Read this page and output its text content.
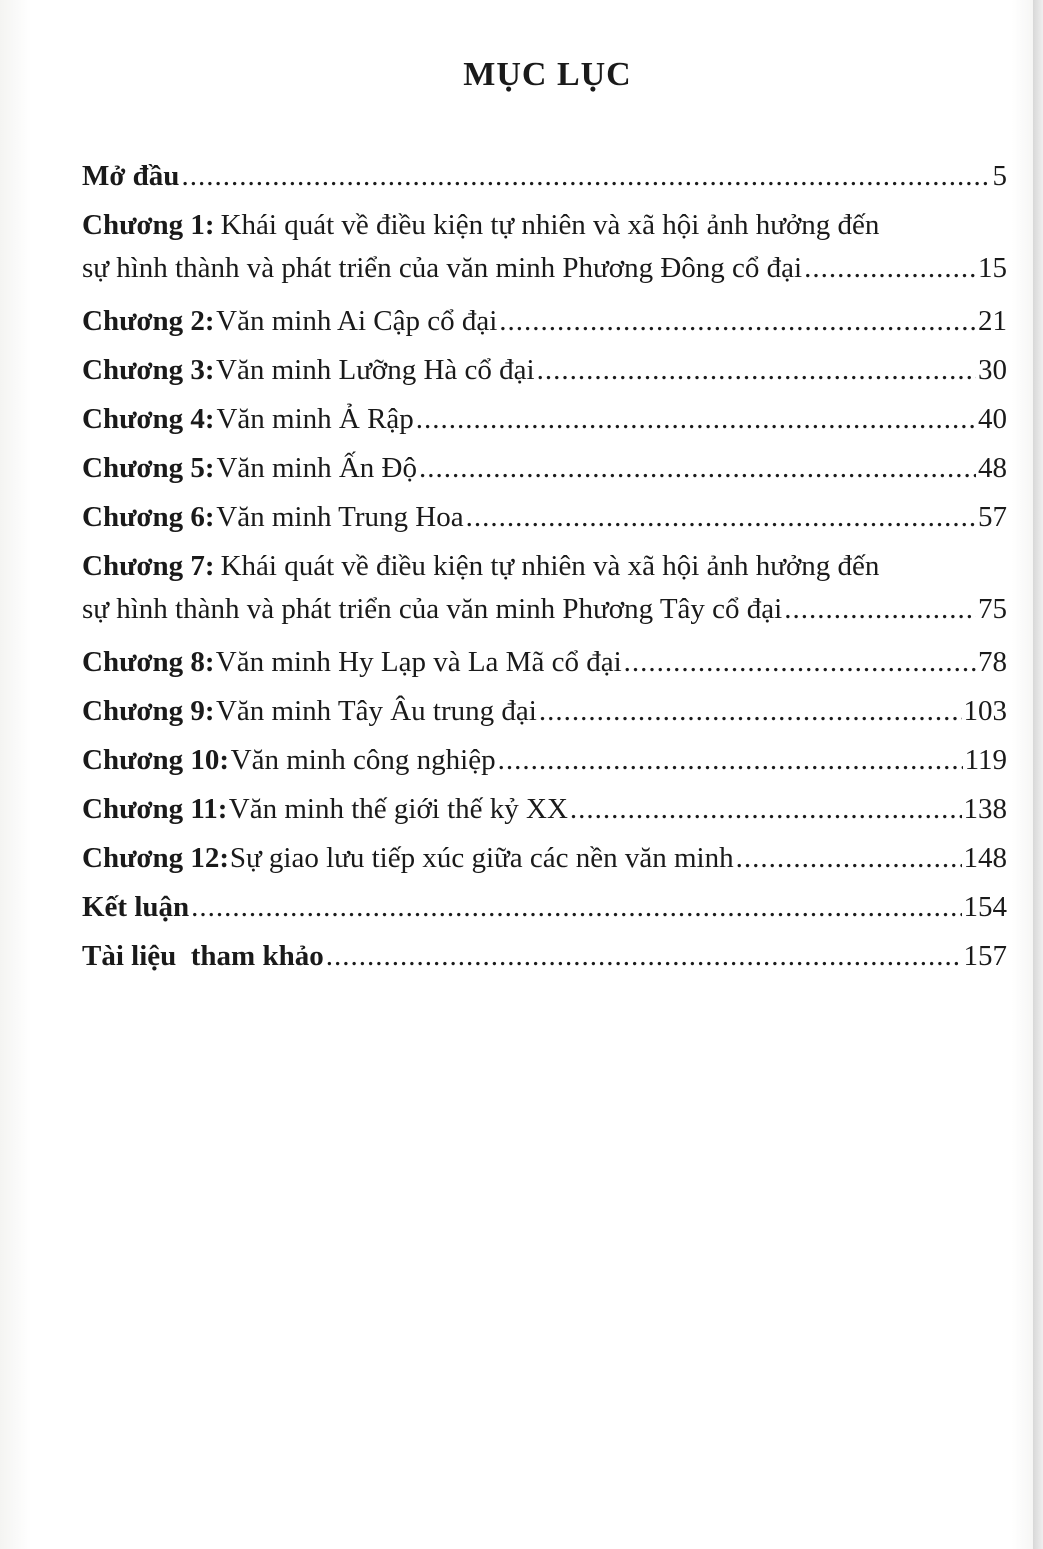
MỤC LỤC
Mở đầu .....	5
Chương 1: Khái quát về điều kiện tự nhiên và xã hội ảnh hưởng đến
sự hình thành và phát triển của văn minh Phương Đông cổ đại .....	15
Chương 2: Văn minh Ai Cập cổ đại .....	21
Chương 3: Văn minh Lưỡng Hà cổ đại .....	30
Chương 4: Văn minh Ả Rập .....	40
Chương 5: Văn minh Ấn Độ .....	48
Chương 6: Văn minh Trung Hoa .....	57
Chương 7: Khái quát về điều kiện tự nhiên và xã hội ảnh hưởng đến
sự hình thành và phát triển của văn minh Phương Tây cổ đại .....	75
Chương 8: Văn minh Hy Lạp và La Mã cổ đại .....	78
Chương 9: Văn minh Tây Âu trung đại .....	103
Chương 10: Văn minh công nghiệp .....	119
Chương 11: Văn minh thế giới thế kỷ XX .....	138
Chương 12: Sự giao lưu tiếp xúc giữa các nền văn minh .....	148
Kết luận .....	154
Tài liệu  tham khảo .....	157
